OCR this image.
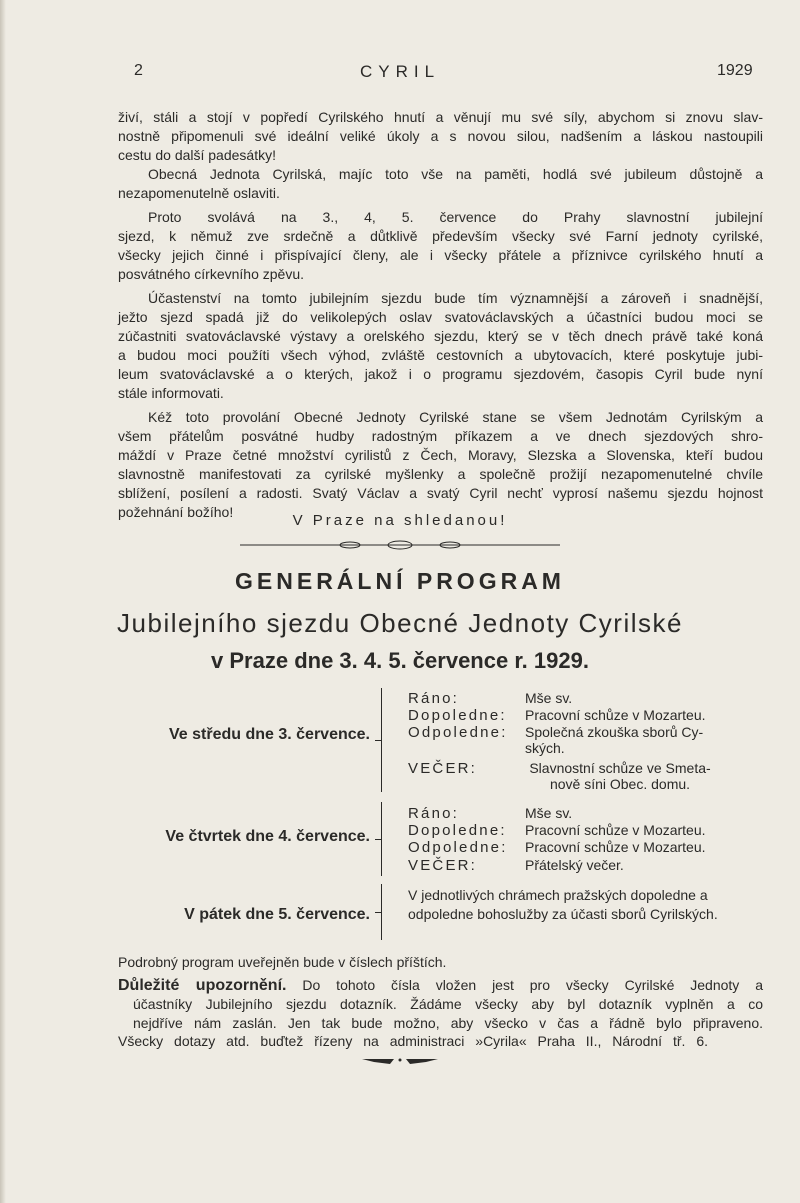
2	CYRIL	1929
živí, stáli a stojí v popředí Cyrilského hnutí a věnují mu své síly, abychom si znovu slav-
nostně připomenuli své ideální veliké úkoly a s novou silou, nadšením a láskou nastoupili
cestu do další padesátky!
Obecná Jednota Cyrilská, majíc toto vše na paměti, hodlá své jubileum důstojně a
nezapomenutelně oslaviti.
Proto svolává na 3., 4, 5. července do Prahy slavnostní jubilejní
sjezd, k němuž zve srdečně a důtklivě především všecky své Farní jednoty cyrilské,
všecky jejich činné i přispívající členy, ale i všecky přátele a příznivce cyrilského hnutí a
posvátného církevního zpěvu.
Účastenství na tomto jubilejním sjezdu bude tím významnější a zároveň i snadnější,
ježto sjezd spadá již do velikolepých oslav svatováclavských a účastníci budou moci se
zúčastniti svatováclavské výstavy a orelského sjezdu, který se v těch dnech právě také koná
a budou moci použíti všech výhod, zvláště cestovních a ubytovacích, které poskytuje jubi-
leum svatováclavské a o kterých, jakož i o programu sjezdovém, časopis Cyril bude nyní
stále informovati.
Kéž toto provolání Obecné Jednoty Cyrilské stane se všem Jednotám Cyrilským a
všem přátelům posvátné hudby radostným příkazem a ve dnech sjezdových shro-
máždí v Praze četné množství cyrilistů z Čech, Moravy, Slezska a Slovenska, kteří budou
slavnostně manifestovati za cyrilské myšlenky a společně prožijí nezapomenutelné chvíle
sblížení, posílení a radosti. Svatý Václav a svatý Cyril nechť vyprosí našemu sjezdu hojnost
požehnání božího!	V Praze na shledanou!
GENERÁLNÍ PROGRAM
Jubilejního sjezdu Obecné Jednoty Cyrilské
v Praze dne 3. 4. 5. července r. 1929.
Ve středu dne 3. července.
Ráno:	Mše sv.
Dopoledne: Pracovní schůze v Mozarteu.
Odpoledne: Společná zkouška sborů Cy- ských.
VEČER:	Slavnostní schůze ve Smeta- nově síni Obec. domu.
Ve čtvrtek dne 4. července.
Ráno:	Mše sv.
Dopoledne: Pracovní schůze v Mozarteu.
Odpoledne: Pracovní schůze v Mozarteu.
VEČER:	Přátelský večer.
V pátek dne 5. července.
V jednotlivých chrámech pražských dopoledne a odpoledne bohoslužby za účasti sborů Cyrilských.
Podrobný program uveřejněn bude v číslech příštích.
Důležité upozornění. Do tohoto čísla vložen jest pro všecky Cyrilské Jednoty a
účastníky Jubilejního sjezdu dotazník. Žádáme všecky aby byl dotazník vyplněn a co
nejdříve nám zaslán. Jen tak bude možno, aby všecko v čas a řádně bylo připraveno.
Všecky dotazy atd. buďtež řízeny na administraci »Cyrila« Praha II., Národní tř. 6.
